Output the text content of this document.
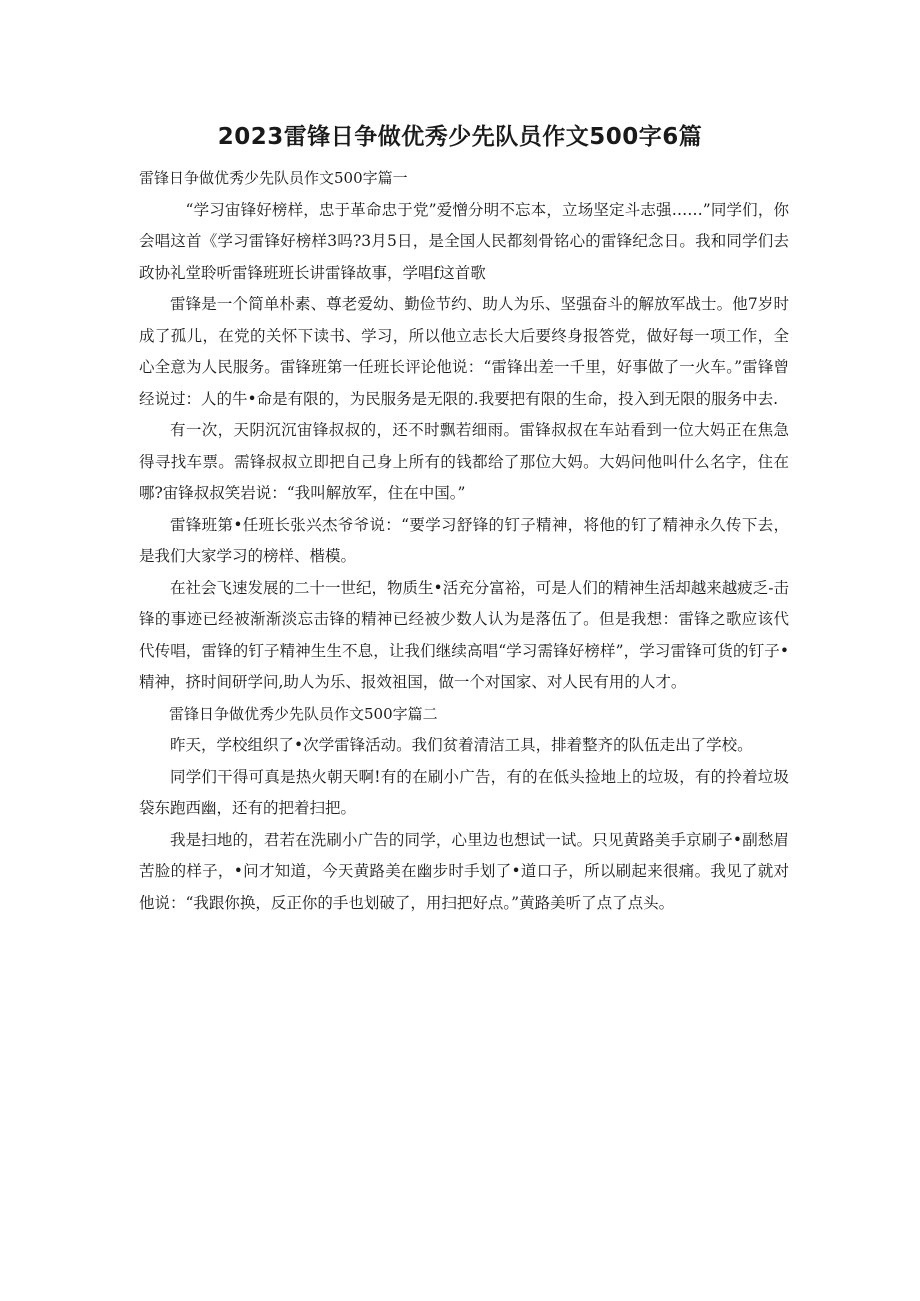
2023雷锋日争做优秀少先队员作文500字6篇

雷锋日争做优秀少先队员作文500字篇一

“学习宙锋好榜样，忠于革命忠于党”爱憎分明不忘本，立场坚定斗志强……”同学们，你会唱这首《学习雷锋好榜样3吗?3月5日，是全国人民都刻骨铭心的雷锋纪念日。我和同学们去政协礼堂聆听雷锋班班长讲雷锋故事，学唱f这首歌

雷锋是一个简单朴素、尊老爱幼、勤俭节约、助人为乐、坚强奋斗的解放军战士。他7岁时成了孤儿，在党的关怀下读书、学习，所以他立志长大后要终身报答党，做好每一项工作，全心全意为人民服务。雷锋班第一任班长评论他说：“雷锋出差一千里，好事做了一火车。”雷锋曾经说过：人的牛•命是有限的，为民服务是无限的.我要把有限的生命，投入到无限的服务中去.

有一次，天阴沉沉宙锋叔叔的，还不时飘若细雨。雷锋叔叔在车站看到一位大妈正在焦急得寻找车票。需锋叔叔立即把自己身上所有的钱都给了那位大妈。大妈问他叫什么名字，住在哪?宙锋叔叔笑岩说：“我叫解放军，住在中国。”

雷锋班第•任班长张兴杰爷爷说：“要学习舒锋的钉子精神，将他的钉了精神永久传下去，是我们大家学习的榜样、楷模。

在社会飞速发展的二十一世纪，物质生•活充分富裕，可是人们的精神生活却越来越疲乏-击锋的事迹已经被渐渐淡忘击锋的精神已经被少数人认为是落伍了。但是我想：雷锋之歌应该代代传唱，雷锋的钉子精神生生不息，让我们继续高唱“学习需锋好榜样”，学习雷锋可货的钉子•精神，挤时间研学问,助人为乐、报效祖国，做一个对国家、对人民有用的人才。

雷锋日争做优秀少先队员作文500字篇二

昨天，学校组织了•次学雷锋活动。我们贫着清洁工具，排着整齐的队伍走出了学校。

同学们干得可真是热火朝天啊!有的在刷小广告，有的在低头捡地上的垃圾，有的拎着垃圾袋东跑西幽，还有的把着扫把。

我是扫地的，君若在洗刷小广告的同学，心里边也想试一试。只见黄路美手京刷子•副愁眉苦脸的样子，•问才知道，今天黄路美在幽步时手划了•道口子，所以刷起来很痛。我见了就对他说：“我跟你换，反正你的手也划破了，用扫把好点。”黄路美听了点了点头。
